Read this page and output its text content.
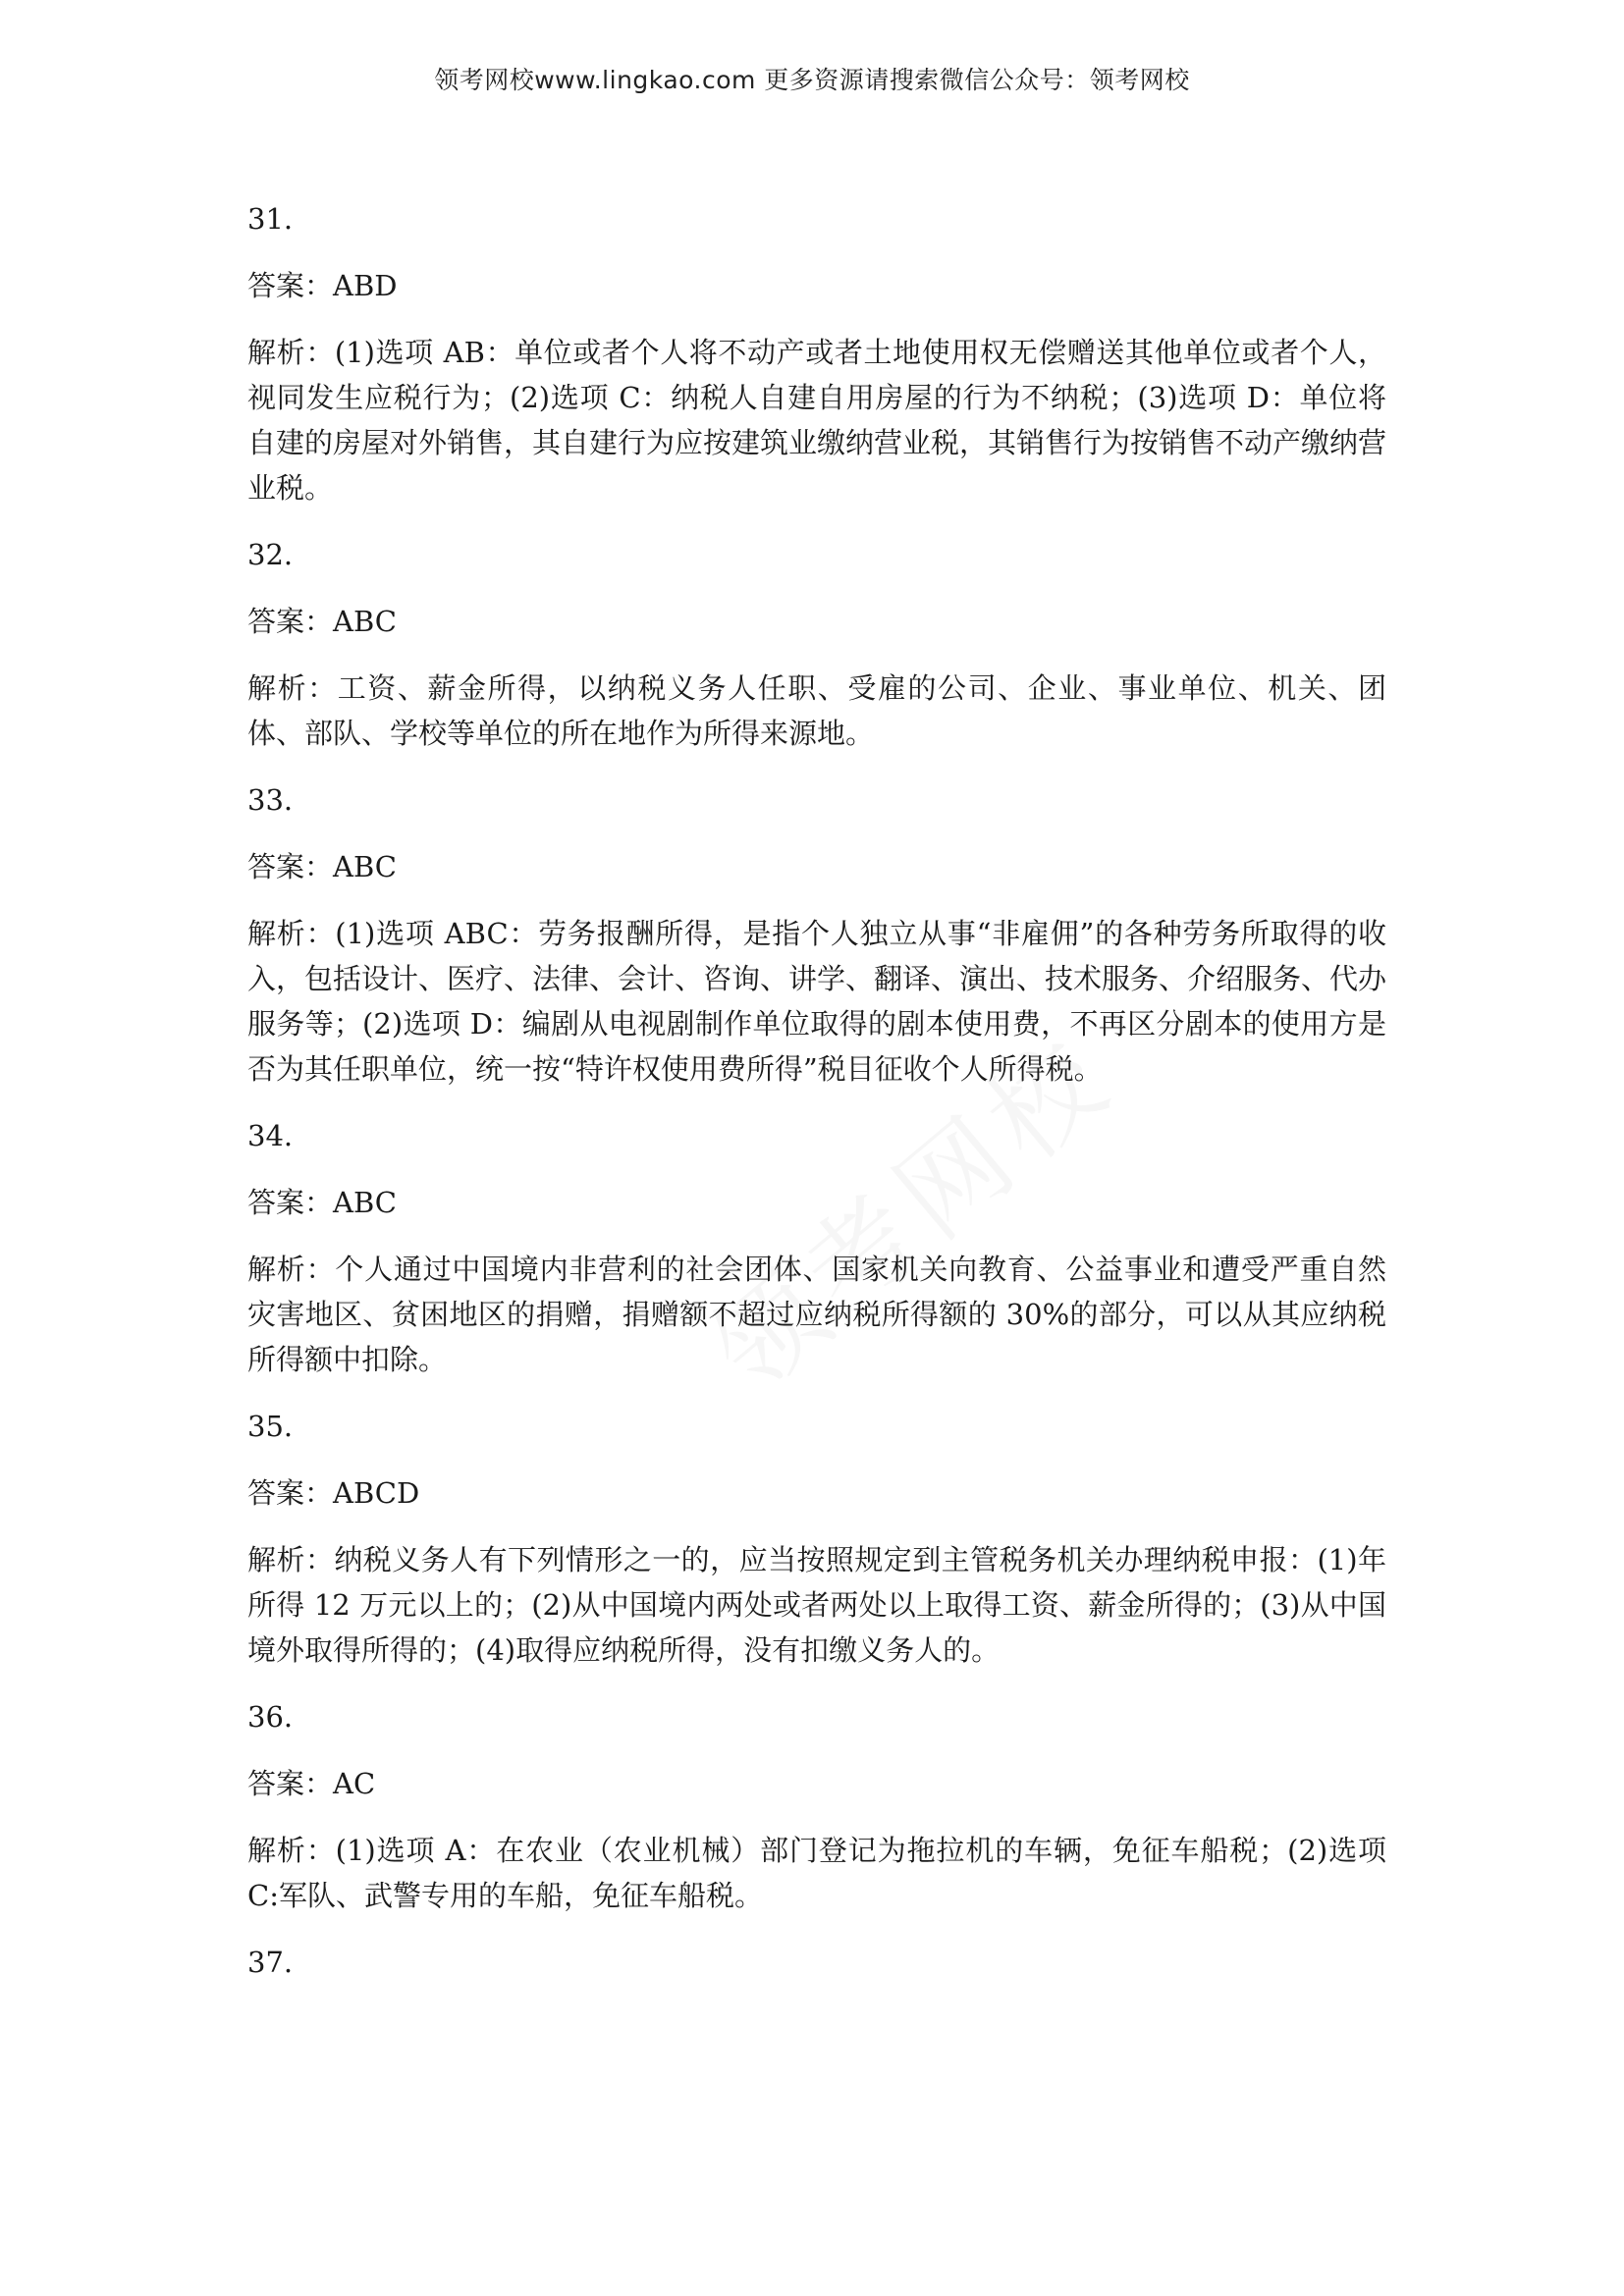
领考网校www.lingkao.com 更多资源请搜索微信公众号：领考网校

31.

答案：ABD

解析：(1)选项 AB：单位或者个人将不动产或者土地使用权无偿赠送其他单位或者个人，视同发生应税行为；(2)选项 C：纳税人自建自用房屋的行为不纳税；(3)选项 D：单位将自建的房屋对外销售，其自建行为应按建筑业缴纳营业税，其销售行为按销售不动产缴纳营业税。

32.

答案：ABC

解析：工资、薪金所得，以纳税义务人任职、受雇的公司、企业、事业单位、机关、团体、部队、学校等单位的所在地作为所得来源地。

33.

答案：ABC

解析：(1)选项 ABC：劳务报酬所得，是指个人独立从事“非雇佣”的各种劳务所取得的收入，包括设计、医疗、法律、会计、咨询、讲学、翻译、演出、技术服务、介绍服务、代办服务等；(2)选项 D：编剧从电视剧制作单位取得的剧本使用费，不再区分剧本的使用方是否为其任职单位，统一按“特许权使用费所得”税目征收个人所得税。

34.

答案：ABC

解析：个人通过中国境内非营利的社会团体、国家机关向教育、公益事业和遭受严重自然灾害地区、贫困地区的捐赠，捐赠额不超过应纳税所得额的 30%的部分，可以从其应纳税所得额中扣除。

35.

答案：ABCD

解析：纳税义务人有下列情形之一的，应当按照规定到主管税务机关办理纳税申报：(1)年所得 12 万元以上的；(2)从中国境内两处或者两处以上取得工资、薪金所得的；(3)从中国境外取得所得的；(4)取得应纳税所得，没有扣缴义务人的。

36.

答案：AC

解析：(1)选项 A：在农业（农业机械）部门登记为拖拉机的车辆，免征车船税；(2)选项 C:军队、武警专用的车船，免征车船税。

37.
